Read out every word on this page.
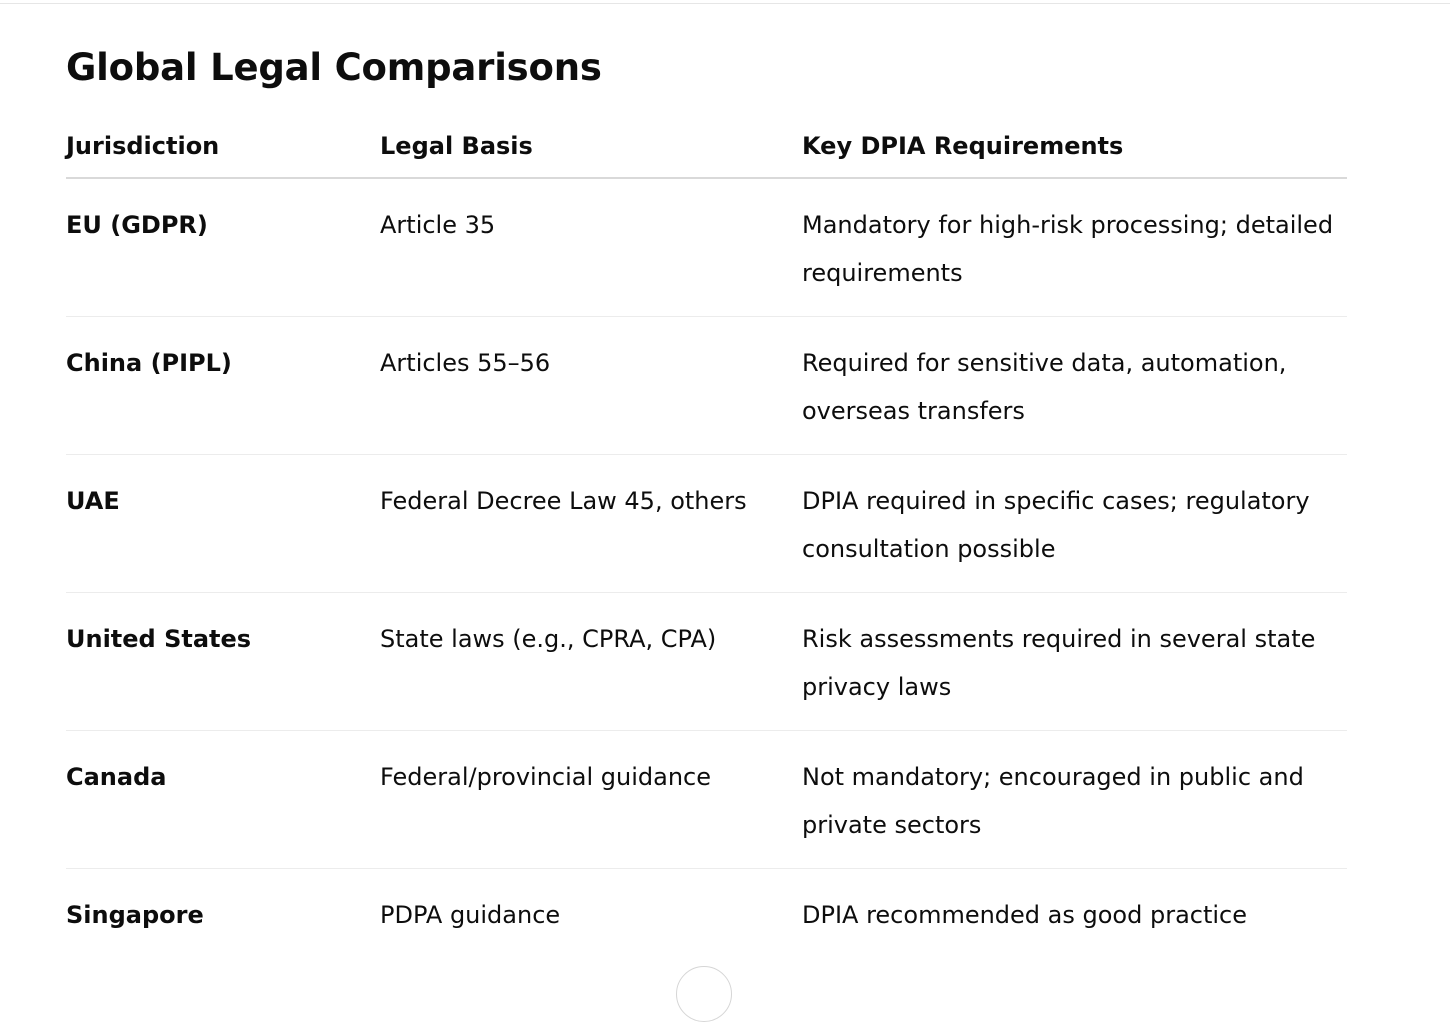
Global Legal Comparisons
Jurisdiction	Legal Basis	Key DPIA Requirements
EU (GDPR)	Article 35	Mandatory for high-risk processing; detailed requirements
China (PIPL)	Articles 55–56	Required for sensitive data, automation, overseas transfers
UAE	Federal Decree Law 45, others	DPIA required in specific cases; regulatory consultation possible
United States	State laws (e.g., CPRA, CPA)	Risk assessments required in several state privacy laws
Canada	Federal/provincial guidance	Not mandatory; encouraged in public and private sectors
Singapore	PDPA guidance	DPIA recommended as good practice
